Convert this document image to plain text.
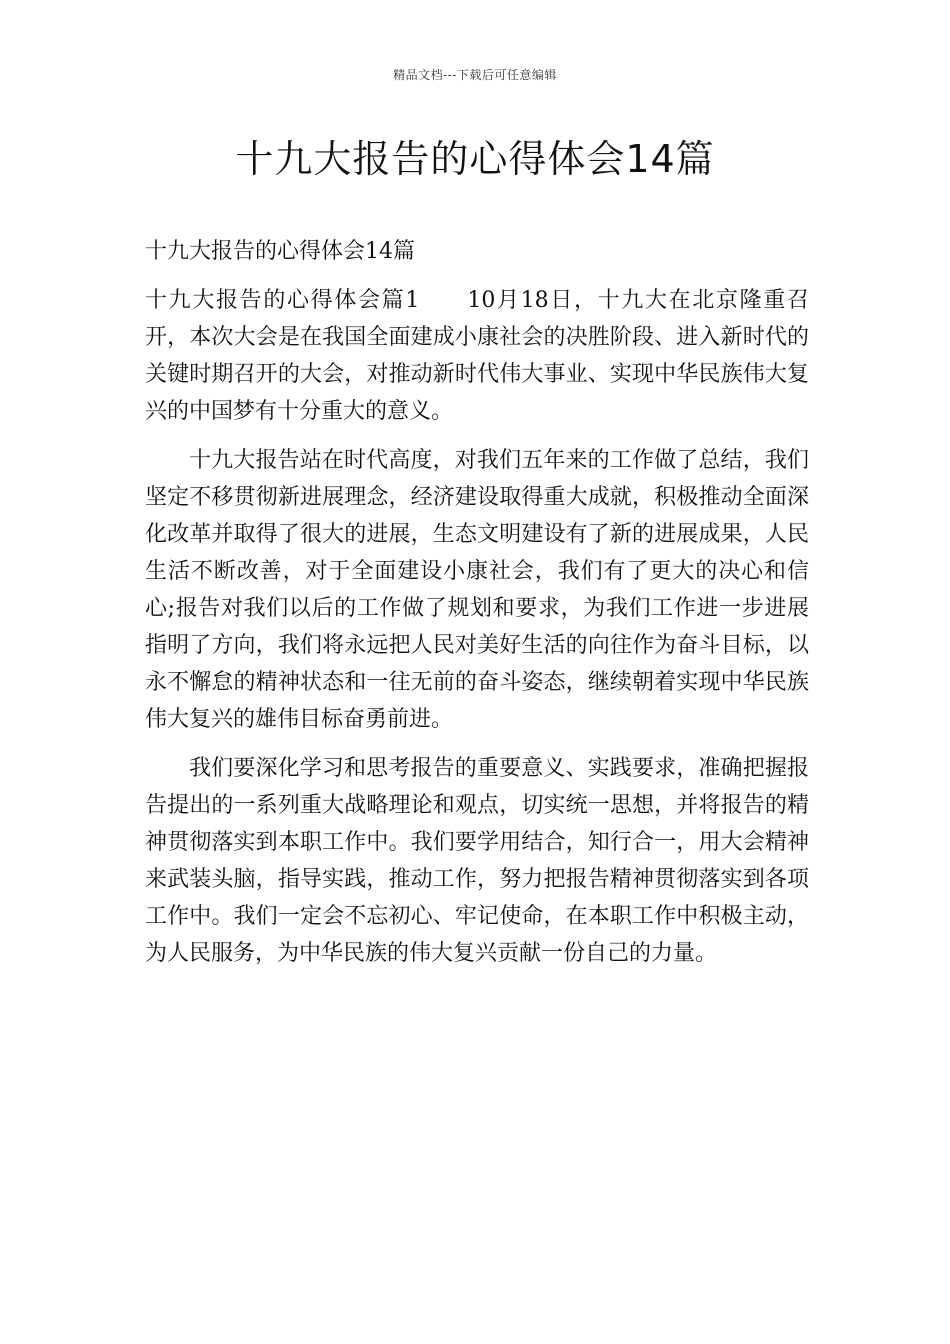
精品文档---下载后可任意编辑
十九大报告的心得体会14篇

十九大报告的心得体会14篇

十九大报告的心得体会篇1 10月18日，十九大在北京隆重召开，本次大会是在我国全面建成小康社会的决胜阶段、进入新时代的关键时期召开的大会，对推动新时代伟大事业、实现中华民族伟大复兴的中国梦有十分重大的意义。

十九大报告站在时代高度，对我们五年来的工作做了总结，我们坚定不移贯彻新进展理念，经济建设取得重大成就，积极推动全面深化改革并取得了很大的进展，生态文明建设有了新的进展成果，人民生活不断改善，对于全面建设小康社会，我们有了更大的决心和信心;报告对我们以后的工作做了规划和要求，为我们工作进一步进展指明了方向，我们将永远把人民对美好生活的向往作为奋斗目标，以永不懈怠的精神状态和一往无前的奋斗姿态，继续朝着实现中华民族伟大复兴的雄伟目标奋勇前进。

我们要深化学习和思考报告的重要意义、实践要求，准确把握报告提出的一系列重大战略理论和观点，切实统一思想，并将报告的精神贯彻落实到本职工作中。我们要学用结合，知行合一，用大会精神来武装头脑，指导实践，推动工作，努力把报告精神贯彻落实到各项工作中。我们一定会不忘初心、牢记使命，在本职工作中积极主动，为人民服务，为中华民族的伟大复兴贡献一份自己的力量。
